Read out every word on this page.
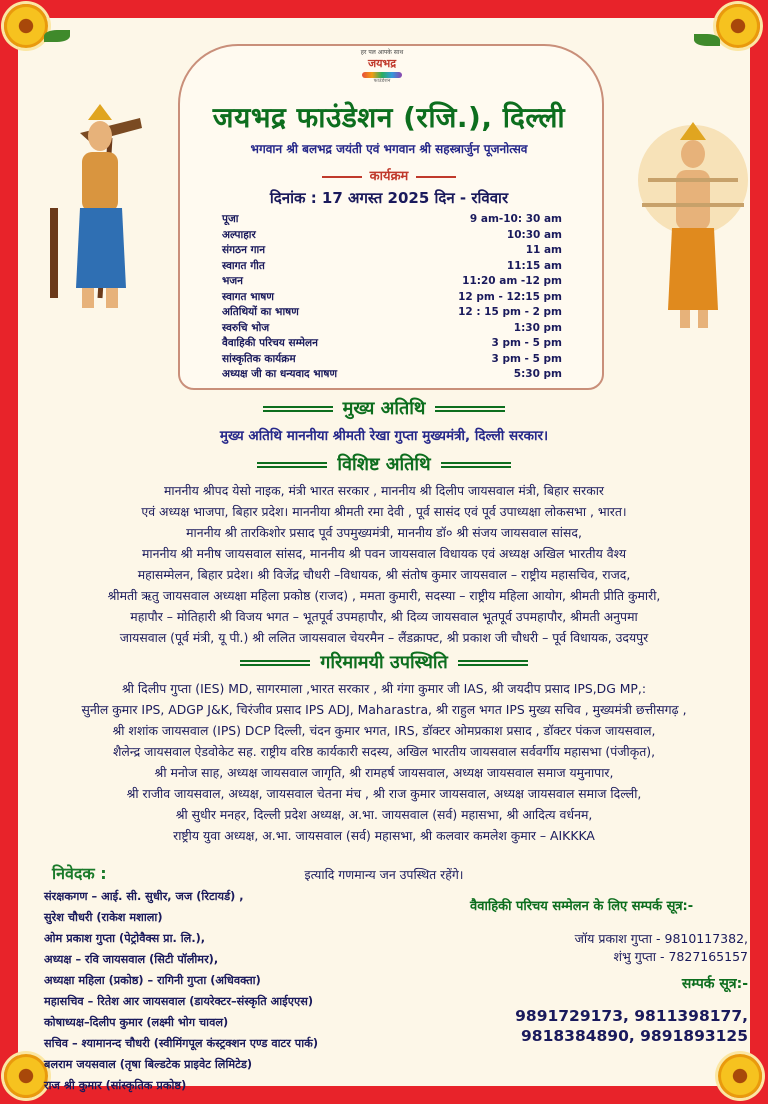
हर पल आपके साथ
जयभद्र
फाउंडेशन
जयभद्र फाउंडेशन (रजि.), दिल्ली
भगवान श्री बलभद्र जयंती एवं भगवान श्री सहस्त्रार्जुन पूजनोत्सव
कार्यक्रम
दिनांक : 17 अगस्त 2025 दिन - रविवार
पूजा	9 am-10: 30 am
अल्पाहार	10:30 am
संगठन गान	11 am
स्वागत गीत	11:15 am
भजन	11:20 am -12 pm
स्वागत भाषण	12 pm - 12:15 pm
अतिथियों का भाषण	12 : 15 pm - 2 pm
स्वरुचि भोज	1:30 pm
वैवाहिकी परिचय सम्मेलन	3 pm - 5 pm
सांस्कृतिक कार्यक्रम	3 pm - 5 pm
अध्यक्ष जी का धन्यवाद भाषण	5:30 pm
मुख्य अतिथि
मुख्य अतिथि माननीया श्रीमती रेखा गुप्ता मुख्यमंत्री, दिल्ली सरकार।
विशिष्ट अतिथि
माननीय श्रीपद येसो नाइक, मंत्री भारत सरकार , माननीय श्री दिलीप जायसवाल मंत्री, बिहार सरकार
एवं अध्यक्ष भाजपा, बिहार प्रदेश। माननीया श्रीमती रमा देवी , पूर्व सासंद एवं पूर्व उपाध्यक्षा लोकसभा , भारत।
माननीय श्री तारकिशोर प्रसाद पूर्व उपमुख्यमंत्री, माननीय डॉ० श्री संजय जायसवाल सांसद,
माननीय श्री मनीष जायसवाल सांसद, माननीय श्री पवन जायसवाल विधायक एवं अध्यक्ष अखिल भारतीय वैश्य
महासम्मेलन, बिहार प्रदेश। श्री विजेंद्र चौधरी –विधायक, श्री संतोष कुमार जायसवाल – राष्ट्रीय महासचिव, राजद,
श्रीमती ऋतु जायसवाल अध्यक्षा महिला प्रकोष्ठ (राजद) , ममता कुमारी, सदस्या – राष्ट्रीय महिला आयोग, श्रीमती प्रीति कुमारी,
महापौर – मोतिहारी श्री विजय भगत – भूतपूर्व उपमहापौर, श्री दिव्य जायसवाल भूतपूर्व उपमहापौर, श्रीमती अनुपमा
जायसवाल (पूर्व मंत्री, यू पी.) श्री ललित जायसवाल चेयरमैन – लैंडक्राफ्ट, श्री प्रकाश जी चौधरी – पूर्व विधायक, उदयपुर
गरिमामयी उपस्थिति
श्री दिलीप गुप्ता (IES) MD, सागरमाला ,भारत सरकार , श्री गंगा कुमार जी IAS, श्री जयदीप प्रसाद IPS,DG MP,:
सुनील कुमार IPS, ADGP J&K, चिरंजीव प्रसाद IPS ADJ, Maharastra, श्री राहुल भगत IPS मुख्य सचिव , मुख्यमंत्री छत्तीसगढ़ ,
श्री शशांक जायसवाल (IPS) DCP दिल्ली, चंदन कुमार भगत, IRS, डॉक्टर ओमप्रकाश प्रसाद , डॉक्टर पंकज जायसवाल,
शैलेन्द्र जायसवाल ऐडवोकेट सह. राष्ट्रीय वरिष्ठ कार्यकारी सदस्य, अखिल भारतीय जायसवाल सर्ववर्गीय महासभा (पंजीकृत),
श्री मनोज साह, अध्यक्ष जायसवाल जागृति, श्री रामहर्ष जायसवाल, अध्यक्ष जायसवाल समाज यमुनापार,
श्री राजीव जायसवाल, अध्यक्ष, जायसवाल चेतना मंच , श्री राज कुमार जायसवाल, अध्यक्ष जायसवाल समाज दिल्ली,
श्री सुधीर मनहर, दिल्ली प्रदेश अध्यक्ष, अ.भा. जायसवाल (सर्व) महासभा, श्री आदित्य वर्धनम,
राष्ट्रीय युवा अध्यक्ष, अ.भा. जायसवाल (सर्व) महासभा, श्री कलवार कमलेश कुमार – AIKKKA
इत्यादि गणमान्य जन उपस्थित रहेंगे।
निवेदक :
संरक्षकगण – आई. सी. सुधीर, जज (रिटायर्ड) ,
सुरेश चौधरी (राकेश मशाला)
ओम प्रकाश गुप्ता (पेट्रोवैक्स प्रा. लि.),
अध्यक्ष – रवि जायसवाल (सिटी पॉलीमर),
अध्यक्षा महिला (प्रकोष्ठ) – रागिनी गुप्ता (अधिवक्ता)
महासचिव – रितेश आर जायसवाल (डायरेक्टर–संस्कृति आईएएस)
कोषाध्यक्ष–दिलीप कुमार (लक्ष्मी भोग चावल)
सचिव – श्यामानन्द चौधरी (स्वीमिंगपूल कंस्ट्रक्शन एण्ड वाटर पार्क)
बलराम जयसवाल (तृषा बिल्डटेक प्राइवेट लिमिटेड)
राज श्री कुमार (सांस्कृतिक प्रकोष्ठ)
वैवाहिकी परिचय सम्मेलन के लिए सम्पर्क सूत्र:-
जॉय प्रकाश गुप्ता - 9810117382,
शंभु गुप्ता - 7827165157
सम्पर्क सूत्र:-
9891729173, 9811398177,
9818384890, 9891893125
